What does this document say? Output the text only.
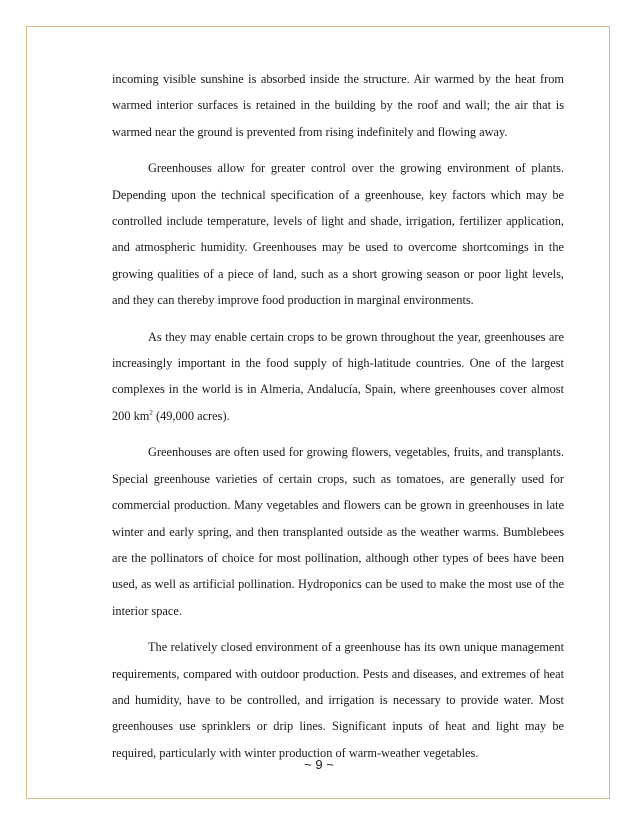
incoming visible sunshine is absorbed inside the structure. Air warmed by the heat from warmed interior surfaces is retained in the building by the roof and wall; the air that is warmed near the ground is prevented from rising indefinitely and flowing away.

Greenhouses allow for greater control over the growing environment of plants. Depending upon the technical specification of a greenhouse, key factors which may be controlled include temperature, levels of light and shade, irrigation, fertilizer application, and atmospheric humidity. Greenhouses may be used to overcome shortcomings in the growing qualities of a piece of land, such as a short growing season or poor light levels, and they can thereby improve food production in marginal environments.

As they may enable certain crops to be grown throughout the year, greenhouses are increasingly important in the food supply of high-latitude countries. One of the largest complexes in the world is in Almeria, Andalucía, Spain, where greenhouses cover almost 200 $km^2$ (49,000 acres).

Greenhouses are often used for growing flowers, vegetables, fruits, and transplants. Special greenhouse varieties of certain crops, such as tomatoes, are generally used for commercial production. Many vegetables and flowers can be grown in greenhouses in late winter and early spring, and then transplanted outside as the weather warms. Bumblebees are the pollinators of choice for most pollination, although other types of bees have been used, as well as artificial pollination. Hydroponics can be used to make the most use of the interior space.

The relatively closed environment of a greenhouse has its own unique management requirements, compared with outdoor production. Pests and diseases, and extremes of heat and humidity, have to be controlled, and irrigation is necessary to provide water. Most greenhouses use sprinklers or drip lines. Significant inputs of heat and light may be required, particularly with winter production of warm-weather vegetables.

~ 9 ~
